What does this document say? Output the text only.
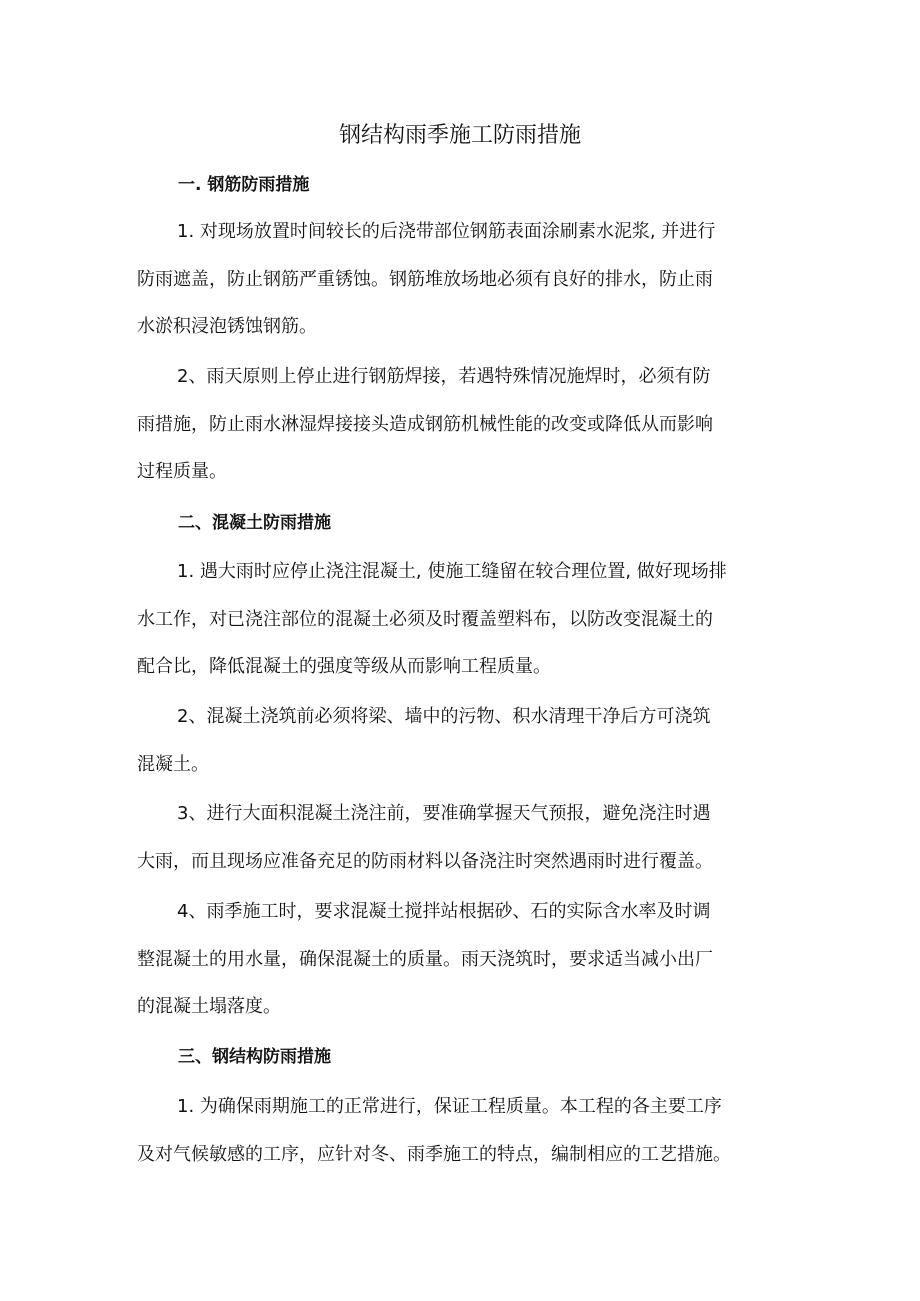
钢结构雨季施工防雨措施
一. 钢筋防雨措施

1. 对现场放置时间较长的后浇带部位钢筋表面涂刷素水泥浆, 并进行
防雨遮盖，防止钢筋严重锈蚀。钢筋堆放场地必须有良好的排水，防止雨
水淤积浸泡锈蚀钢筋。

2、雨天原则上停止进行钢筋焊接，若遇特殊情况施焊时，必须有防
雨措施，防止雨水淋湿焊接接头造成钢筋机械性能的改变或降低从而影响
过程质量。

二、混凝土防雨措施

1. 遇大雨时应停止浇注混凝土, 使施工缝留在较合理位置, 做好现场排
水工作，对已浇注部位的混凝土必须及时覆盖塑料布，以防改变混凝土的
配合比，降低混凝土的强度等级从而影响工程质量。

2、混凝土浇筑前必须将梁、墙中的污物、积水清理干净后方可浇筑
混凝土。

3、进行大面积混凝土浇注前，要准确掌握天气预报，避免浇注时遇
大雨，而且现场应准备充足的防雨材料以备浇注时突然遇雨时进行覆盖。

4、雨季施工时，要求混凝土搅拌站根据砂、石的实际含水率及时调
整混凝土的用水量，确保混凝土的质量。雨天浇筑时，要求适当减小出厂
的混凝土塌落度。

三、钢结构防雨措施

1. 为确保雨期施工的正常进行，保证工程质量。本工程的各主要工序
及对气候敏感的工序，应针对冬、雨季施工的特点，编制相应的工艺措施。
